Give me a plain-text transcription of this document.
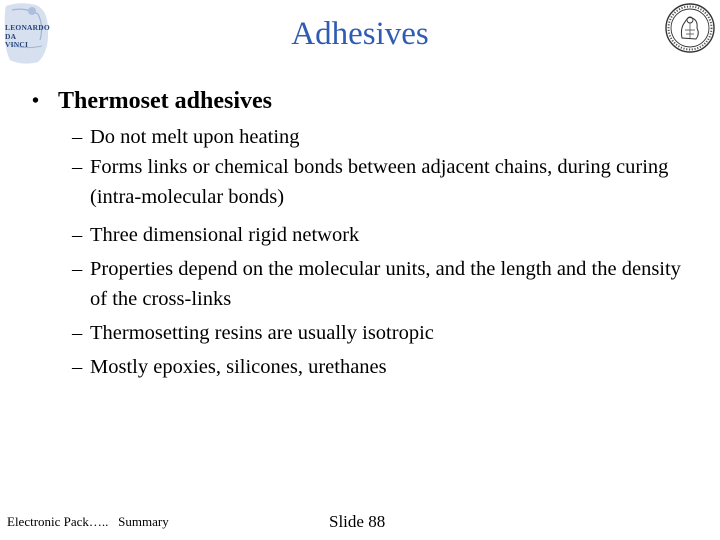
LEONARDO
DA
VINCI	Adhesives
• Thermoset adhesives
– Do not melt upon heating
– Forms links or chemical bonds between adjacent chains, during curing (intra-molecular bonds)
– Three dimensional rigid network
– Properties depend on the molecular units, and the length and the density of the cross-links
– Thermosetting resins are usually isotropic
– Mostly epoxies, silicones, urethanes
Electronic Pack…..   Summary	Slide 88
